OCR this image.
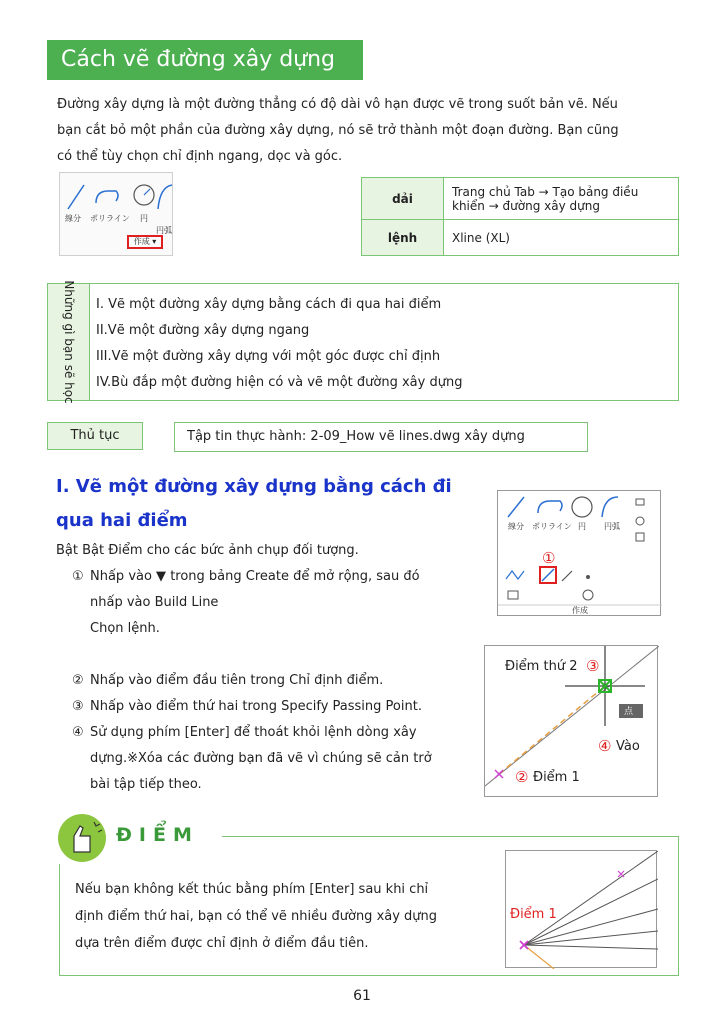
Cách vẽ đường xây dựng
Đường xây dựng là một đường thẳng có độ dài vô hạn được vẽ trong suốt bản vẽ. Nếu
bạn cắt bỏ một phần của đường xây dựng, nó sẽ trở thành một đoạn đường. Bạn cũng
có thể tùy chọn chỉ định ngang, dọc và góc.
線分 ポリライン 円
円弧
作成 ▾
dải	Trang chủ Tab → Tạo bảng điều khiển → đường xây dựng
lệnh	Xline (XL)
Những gì bạn sẽ học I. Vẽ một đường xây dựng bằng cách đi qua hai điểm
II.Vẽ một đường xây dựng ngang
III.Vẽ một đường xây dựng với một góc được chỉ định
IV.Bù đắp một đường hiện có và vẽ một đường xây dựng
Thủ tục	Tập tin thực hành: 2-09_How vẽ lines.dwg xây dựng
I. Vẽ một đường xây dựng bằng cách đi
qua hai điểm
Bật Bật Điểm cho các bức ảnh chụp đối tượng.
① Nhấp vào ▼ trong bảng Create để mở rộng, sau đó
nhấp vào Build Line
Chọn lệnh.
② Nhấp vào điểm đầu tiên trong Chỉ định điểm.
③ Nhấp vào điểm thứ hai trong Specify Passing Point.
④ Sử dụng phím [Enter] để thoát khỏi lệnh dòng xây
dựng.※Xóa các đường bạn đã vẽ vì chúng sẽ cản trở
bài tập tiếp theo.
①
線分 ポリライン 円 円弧
作成
点
Điểm thứ 2 ③
④ Vào
② Điểm 1
ĐIỂM
Nếu bạn không kết thúc bằng phím [Enter] sau khi chỉ
định điểm thứ hai, bạn có thể vẽ nhiều đường xây dựng
dựa trên điểm được chỉ định ở điểm đầu tiên.
Điểm 1
61
